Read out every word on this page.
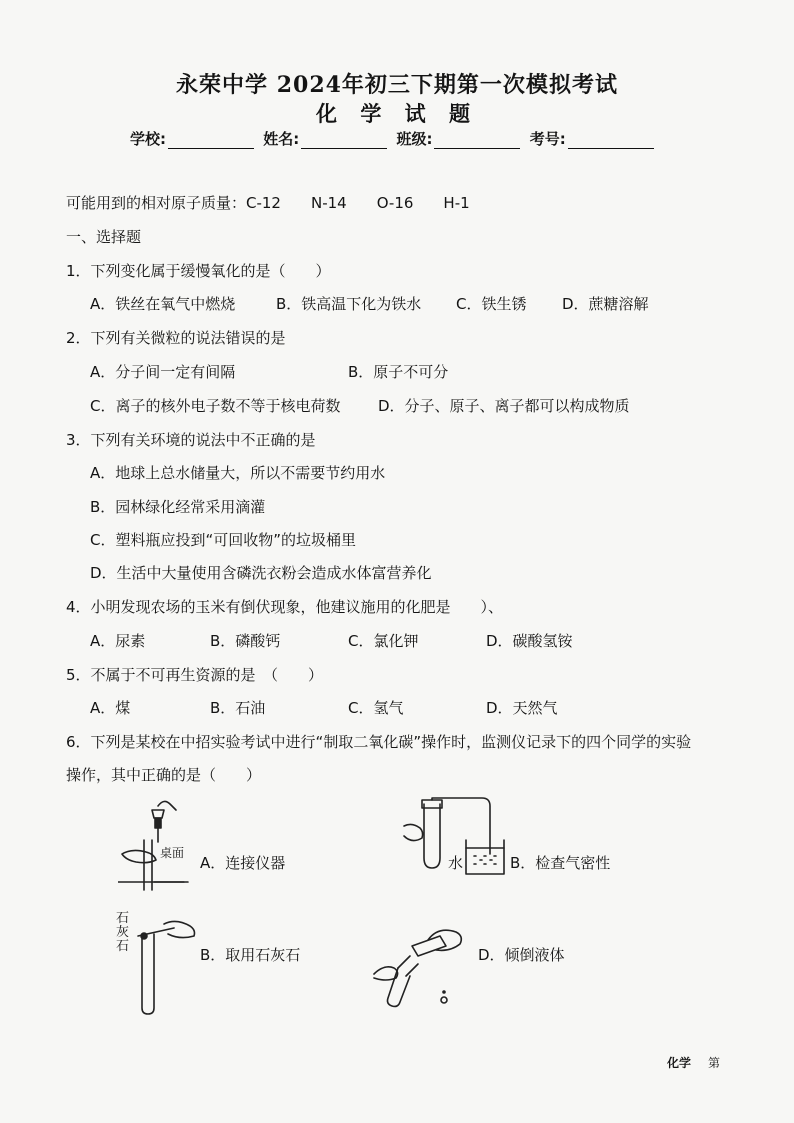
永荣中学 2024年初三下期第一次模拟考试
化 学 试 题
学校:	姓名:	班级:	考号:
可能用到的相对原子质量：C-12　　N-14　　O-16　　H-1
一、选择题
1．下列变化属于缓慢氧化的是（　　）
A．铁丝在氧气中燃烧	B．铁高温下化为铁水 C．铁生锈 D．蔗糖溶解
2．下列有关微粒的说法错误的是
A．分子间一定有间隔	B．原子不可分
C．离子的核外电子数不等于核电荷数	D．分子、原子、离子都可以构成物质
3．下列有关环境的说法中不正确的是
A．地球上总水储量大，所以不需要节约用水
B．园林绿化经常采用滴灌
C．塑料瓶应投到“可回收物”的垃圾桶里
D．生活中大量使用含磷洗衣粉会造成水体富营养化
4．小明发现农场的玉米有倒伏现象，他建议施用的化肥是　　）、
A．尿素	B．磷酸钙	C．氯化钾	D．碳酸氢铵
5．不属于不可再生资源的是　（　　）
A．煤	B．石油	C．氢气	D．天然气
6．下列是某校在中招实验考试中进行“制取二氧化碳”操作时，监测仪记录下的四个同学的实验
操作，其中正确的是（　　）
桌面
A．连接仪器	水	B．检查气密性
石
灰
石	B．取用石灰石	D．倾倒液体
化学 第
